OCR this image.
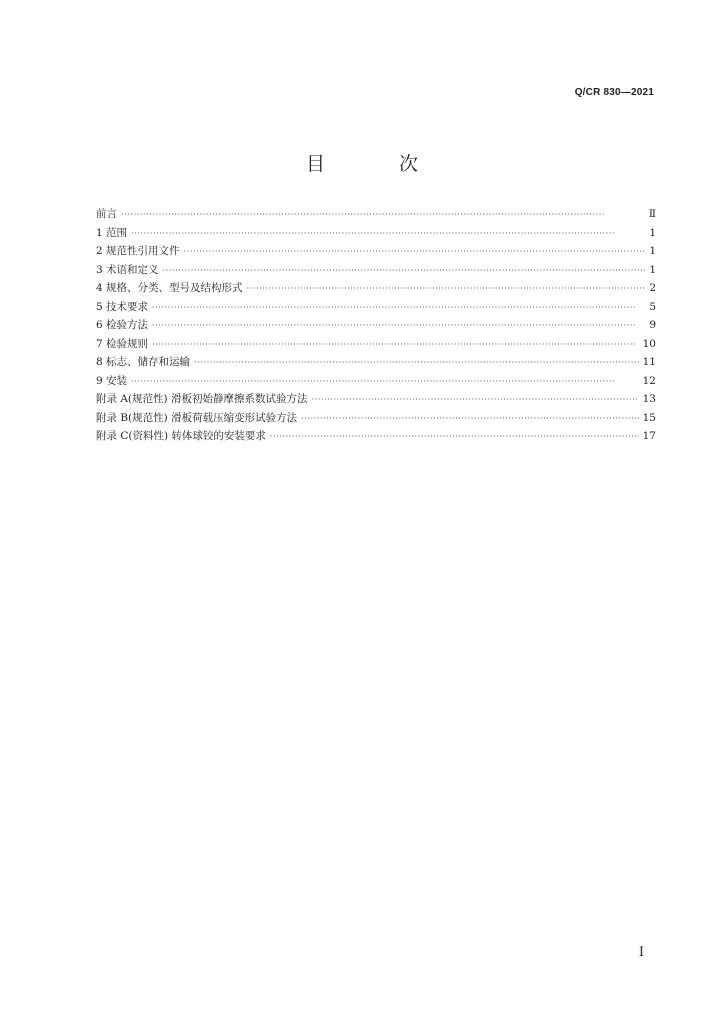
Q/CR 830—2021
目 次
前言 ·····	Ⅱ
1 范围 ·····	1
2 规范性引用文件 ·····	1
3 术语和定义 ·····	1
4 规格、分类、型号及结构形式 ·····	2
5 技术要求 ·····	5
6 检验方法 ·····	9
7 检验规则 ·····	10
8 标志、储存和运输 ·····	11
9 安装 ·····	12
附录 A(规范性) 滑板初始静摩擦系数试验方法 ·····	13
附录 B(规范性) 滑板荷载压缩变形试验方法 ·····	15
附录 C(资料性) 转体球铰的安装要求 ·····	17
I
